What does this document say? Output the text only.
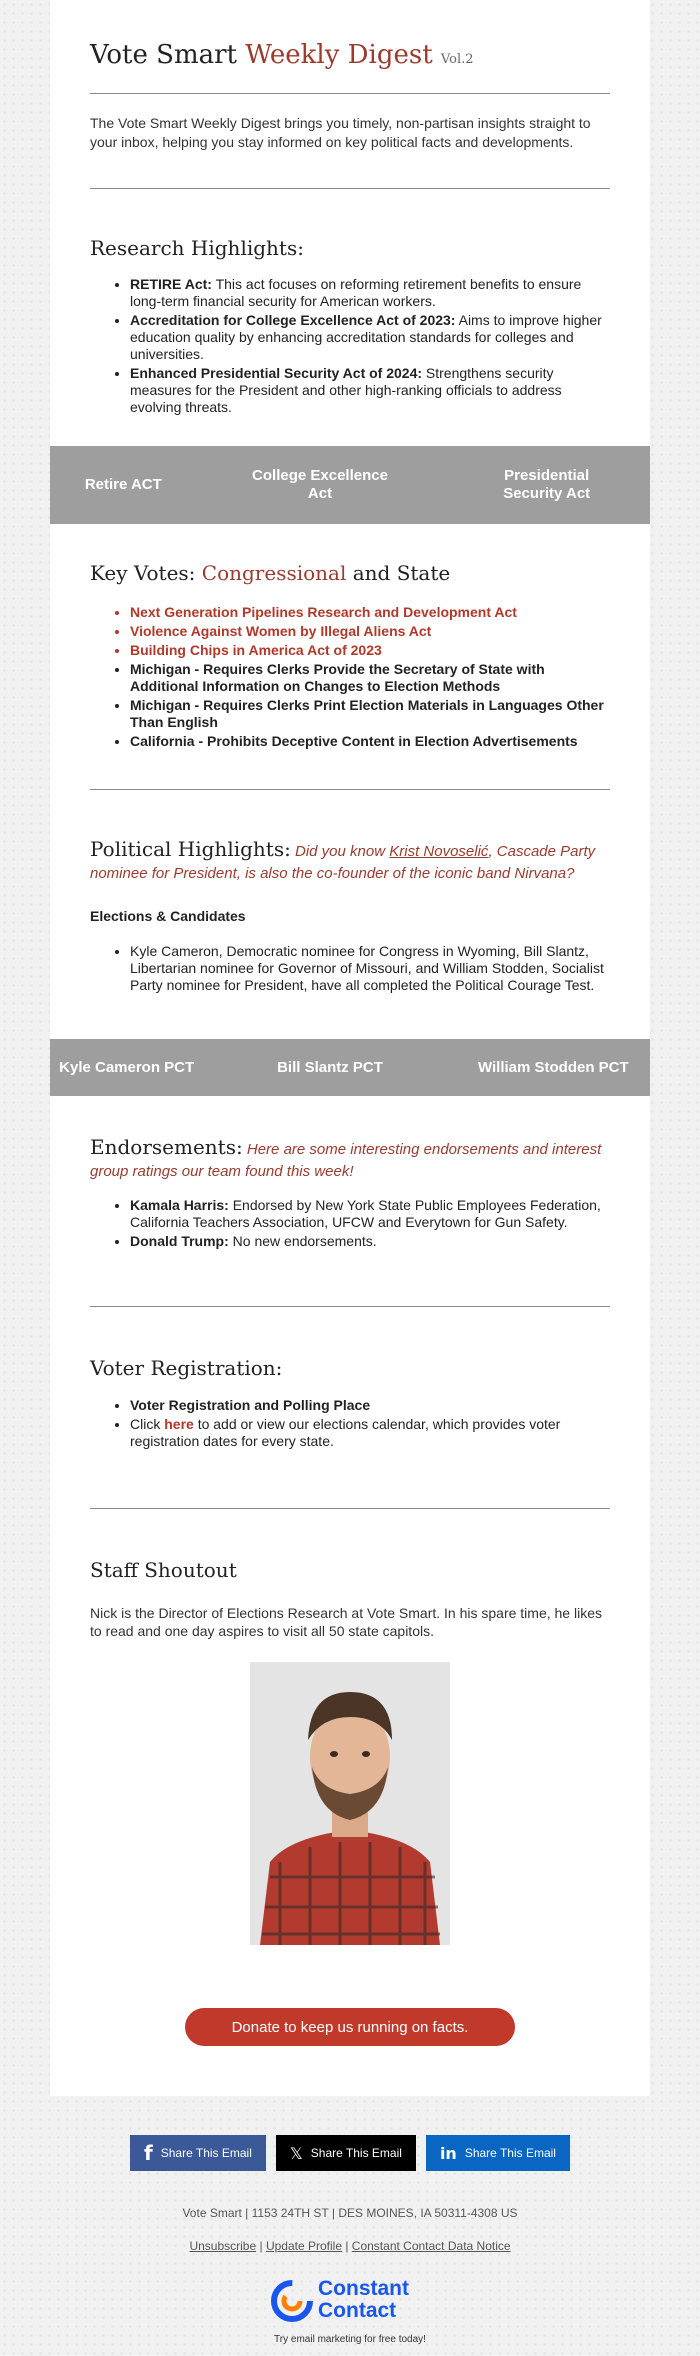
Vote Smart Weekly Digest Vol.2
The Vote Smart Weekly Digest brings you timely, non-partisan insights straight to your inbox, helping you stay informed on key political facts and developments.
Research Highlights:
• RETIRE Act: This act focuses on reforming retirement benefits to ensure long-term financial security for American workers.
• Accreditation for College Excellence Act of 2023: Aims to improve higher education quality by enhancing accreditation standards for colleges and universities.
• Enhanced Presidential Security Act of 2024: Strengthens security measures for the President and other high-ranking officials to address evolving threats.
Retire ACT
College Excellence Act
Presidential Security Act
Key Votes: Congressional and State
• Next Generation Pipelines Research and Development Act
• Violence Against Women by Illegal Aliens Act
• Building Chips in America Act of 2023
• Michigan - Requires Clerks Provide the Secretary of State with Additional Information on Changes to Election Methods
• Michigan - Requires Clerks Print Election Materials in Languages Other Than English
• California - Prohibits Deceptive Content in Election Advertisements
Political Highlights: Did you know Krist Novoselić, Cascade Party nominee for President, is also the co-founder of the iconic band Nirvana?
Elections & Candidates
• Kyle Cameron, Democratic nominee for Congress in Wyoming, Bill Slantz, Libertarian nominee for Governor of Missouri, and William Stodden, Socialist Party nominee for President, have all completed the Political Courage Test.
Kyle Cameron PCT	Bill Slantz PCT	William Stodden PCT
Endorsements: Here are some interesting endorsements and interest group ratings our team found this week!
• Kamala Harris: Endorsed by New York State Public Employees Federation, California Teachers Association, UFCW and Everytown for Gun Safety.
• Donald Trump: No new endorsements.
Voter Registration:
• Voter Registration and Polling Place
• Click here to add or view our elections calendar, which provides voter registration dates for every state.
Staff Shoutout
Nick is the Director of Elections Research at Vote Smart. In his spare time, he likes to read and one day aspires to visit all 50 state capitols.
Donate to keep us running on facts.
f Share This Email 𝕏 Share This Email in Share This Email
Vote Smart | 1153 24TH ST | DES MOINES, IA 50311-4308 US
Unsubscribe | Update Profile | Constant Contact Data Notice
Constant
Contact
Try email marketing for free today!
